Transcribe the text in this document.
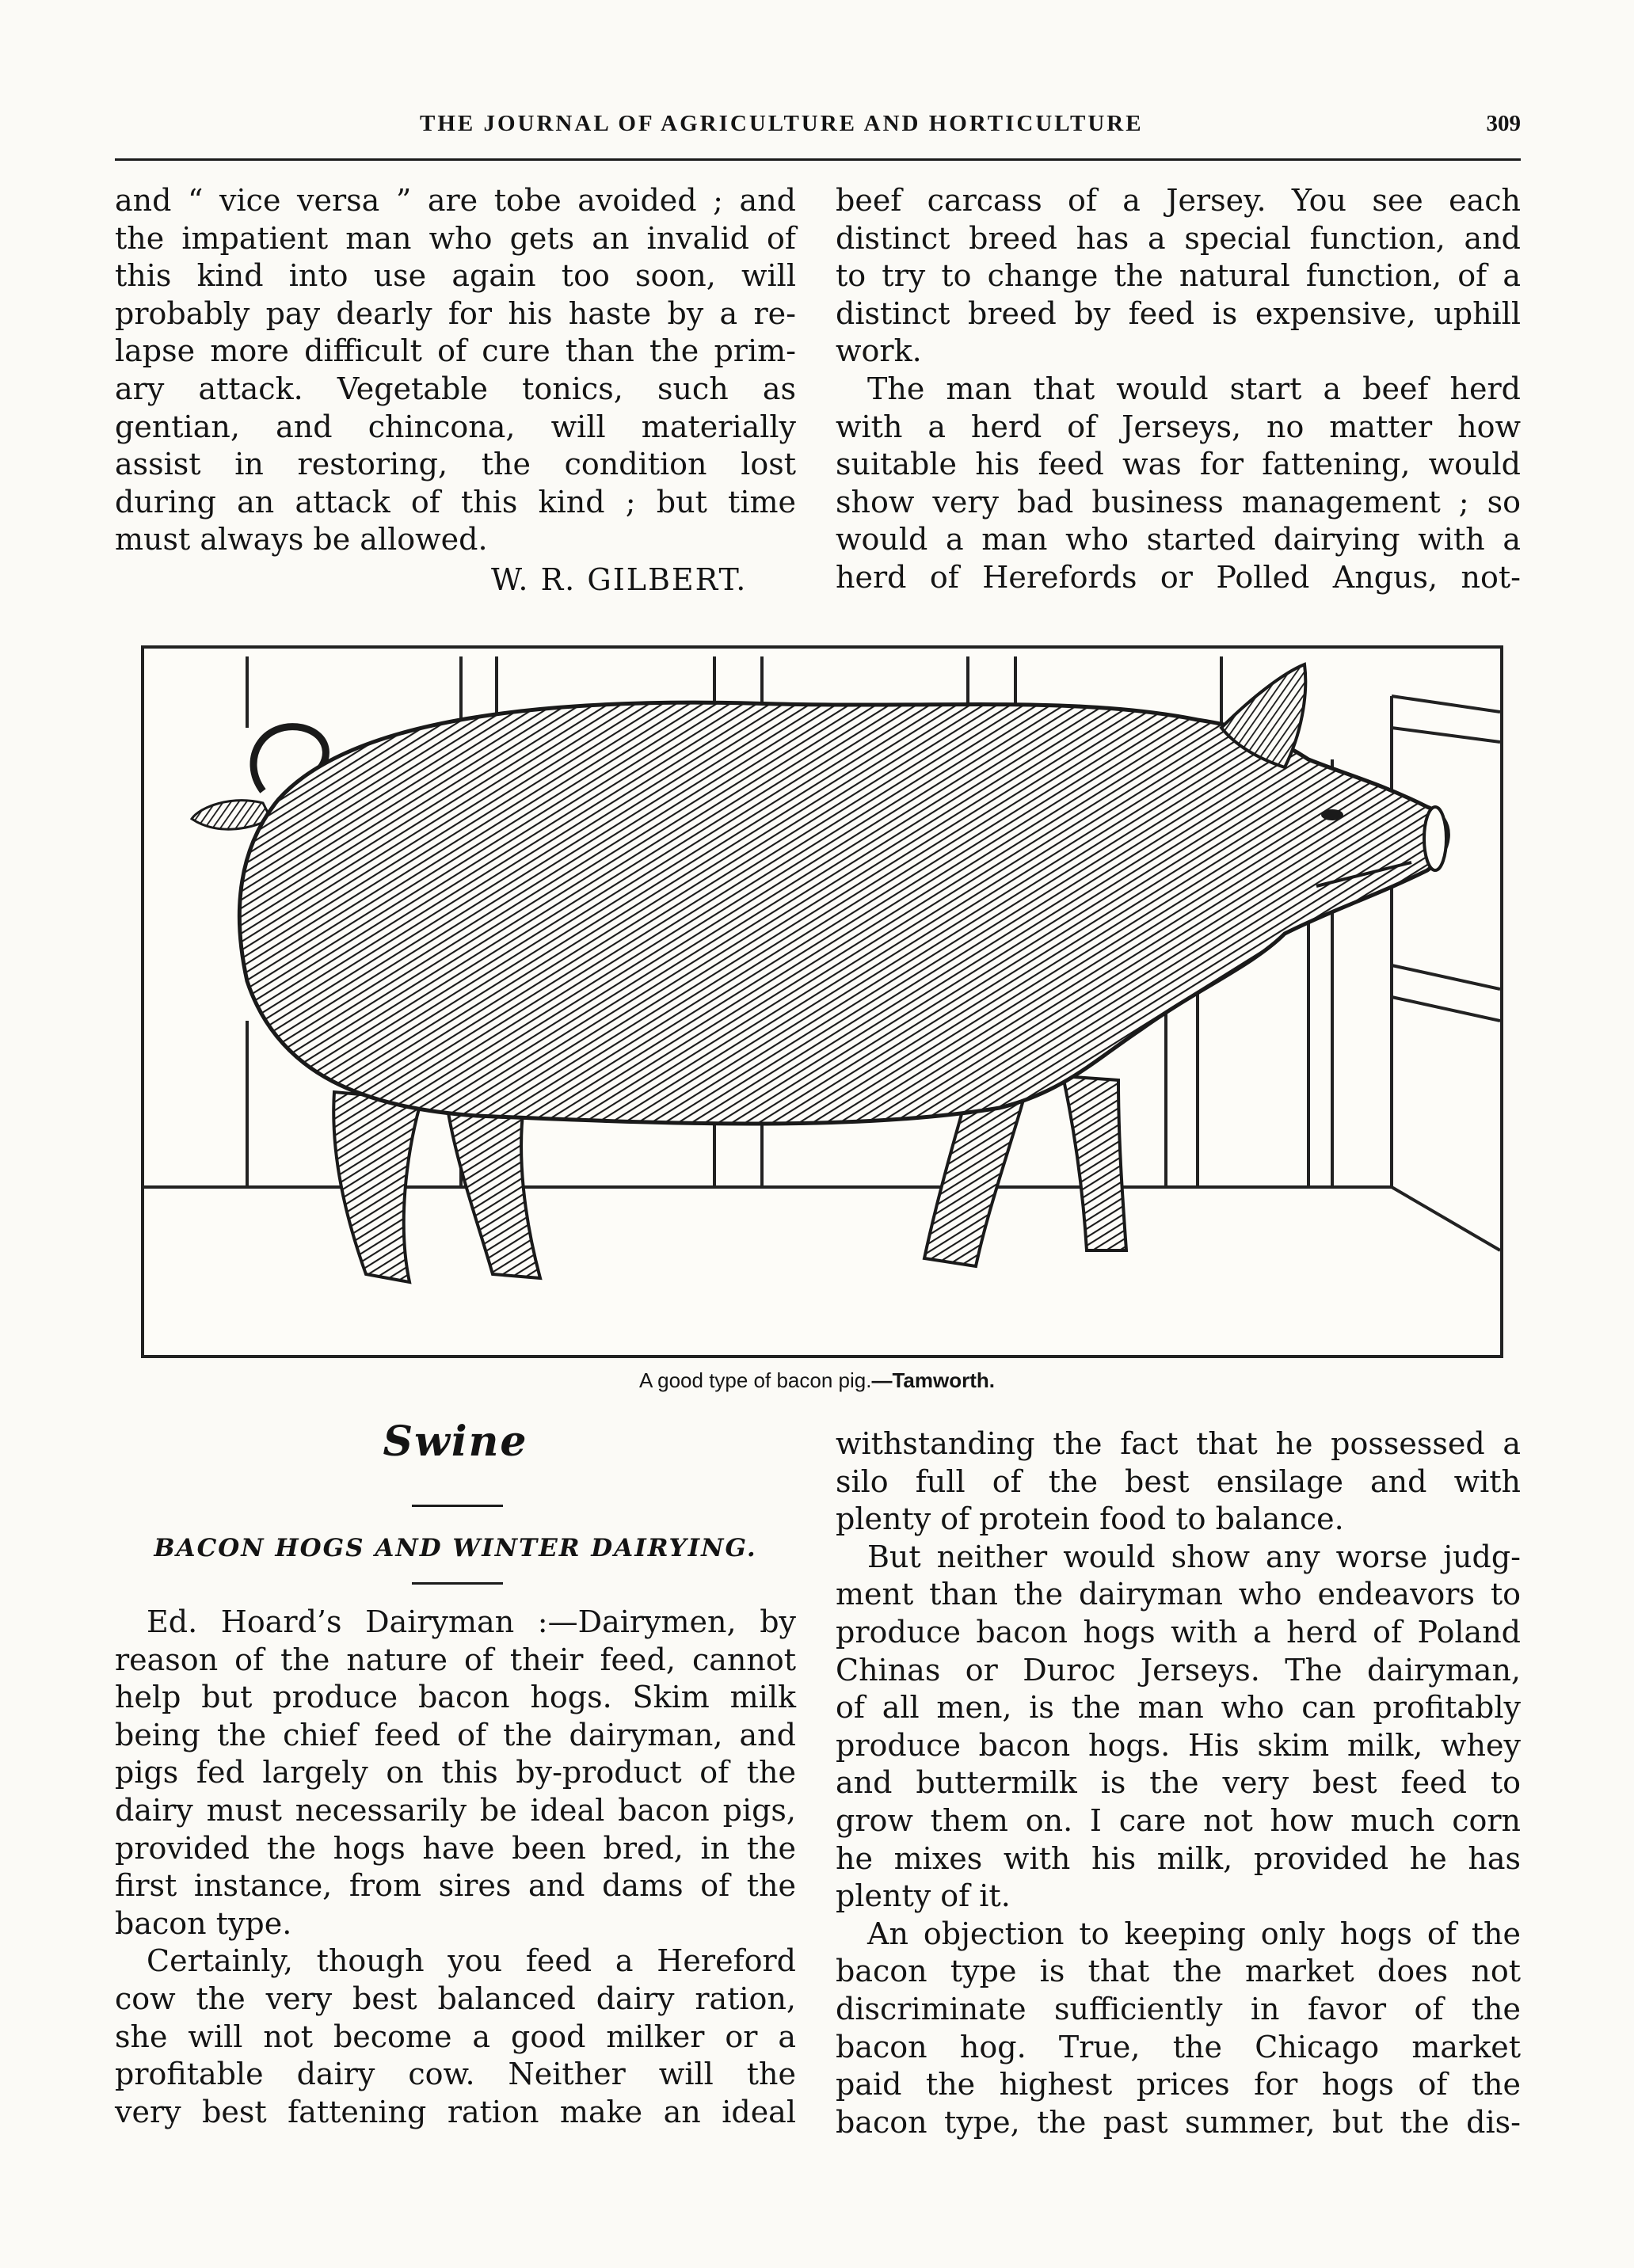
THE JOURNAL OF AGRICULTURE AND HORTICULTURE	309

and “ vice versa ” are tobe avoided ; and
the impatient man who gets an invalid of
this kind into use again too soon, will
probably pay dearly for his haste by a re-
lapse more difficult of cure than the prim-
ary attack. Vegetable tonics, such as
gentian, and chincona, will materially
assist in restoring, the condition lost
during an attack of this kind ; but time
must always be allowed.

W. R. GILBERT.

beef carcass of a Jersey. You see each
distinct breed has a special function, and
to try to change the natural function, of a
distinct breed by feed is expensive, uphill
work.

The man that would start a beef herd
with a herd of Jerseys, no matter how
suitable his feed was for fattening, would
show very bad business management ; so
would a man who started dairying with a
herd of Herefords or Polled Angus, not-

A good type of bacon pig.—Tamworth.
Swine
BACON HOGS AND WINTER DAIRYING.

Ed. Hoard’s Dairyman :—Dairymen, by
reason of the nature of their feed, cannot
help but produce bacon hogs. Skim milk
being the chief feed of the dairyman, and
pigs fed largely on this by-product of the
dairy must necessarily be ideal bacon pigs,
provided the hogs have been bred, in the
first instance, from sires and dams of the
bacon type.

Certainly, though you feed a Hereford
cow the very best balanced dairy ration,
she will not become a good milker or a
profitable dairy cow. Neither will the
very best fattening ration make an ideal

withstanding the fact that he possessed a
silo full of the best ensilage and with
plenty of protein food to balance.

But neither would show any worse judg-
ment than the dairyman who endeavors to
produce bacon hogs with a herd of Poland
Chinas or Duroc Jerseys. The dairyman,
of all men, is the man who can profitably
produce bacon hogs. His skim milk, whey
and buttermilk is the very best feed to
grow them on. I care not how much corn
he mixes with his milk, provided he has
plenty of it.

An objection to keeping only hogs of the
bacon type is that the market does not
discriminate sufficiently in favor of the
bacon hog. True, the Chicago market
paid the highest prices for hogs of the
bacon type, the past summer, but the dis-
